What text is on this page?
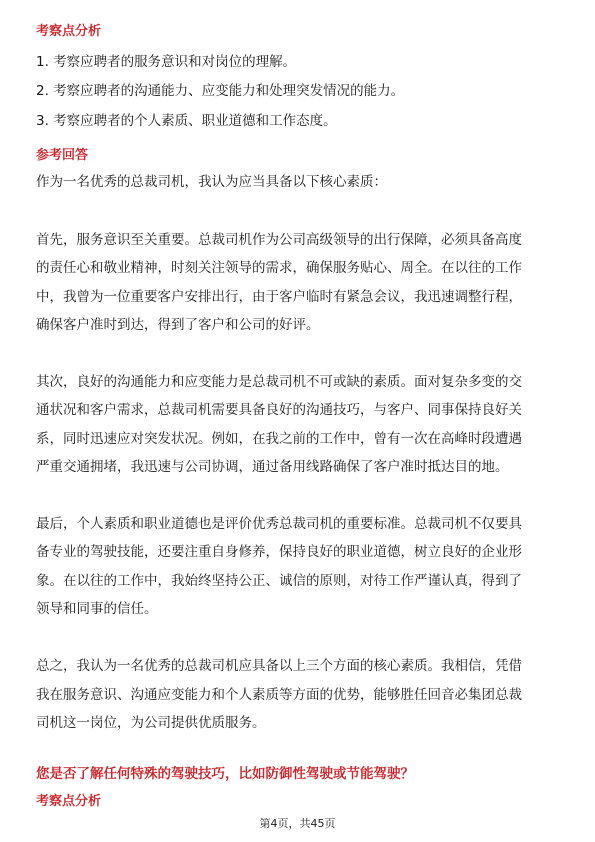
考察点分析
1. 考察应聘者的服务意识和对岗位的理解。
2. 考察应聘者的沟通能力、应变能力和处理突发情况的能力。
3. 考察应聘者的个人素质、职业道德和工作态度。
参考回答
作为一名优秀的总裁司机，我认为应当具备以下核心素质：
首先，服务意识至关重要。总裁司机作为公司高级领导的出行保障，必须具备高度
的责任心和敬业精神，时刻关注领导的需求，确保服务贴心、周全。在以往的工作
中，我曾为一位重要客户安排出行，由于客户临时有紧急会议，我迅速调整行程，
确保客户准时到达，得到了客户和公司的好评。
其次，良好的沟通能力和应变能力是总裁司机不可或缺的素质。面对复杂多变的交
通状况和客户需求，总裁司机需要具备良好的沟通技巧，与客户、同事保持良好关
系，同时迅速应对突发状况。例如，在我之前的工作中，曾有一次在高峰时段遭遇
严重交通拥堵，我迅速与公司协调，通过备用线路确保了客户准时抵达目的地。
最后，个人素质和职业道德也是评价优秀总裁司机的重要标准。总裁司机不仅要具
备专业的驾驶技能，还要注重自身修养，保持良好的职业道德，树立良好的企业形
象。在以往的工作中，我始终坚持公正、诚信的原则，对待工作严谨认真，得到了
领导和同事的信任。
总之，我认为一名优秀的总裁司机应具备以上三个方面的核心素质。我相信，凭借
我在服务意识、沟通应变能力和个人素质等方面的优势，能够胜任回音必集团总裁
司机这一岗位，为公司提供优质服务。
您是否了解任何特殊的驾驶技巧，比如防御性驾驶或节能驾驶？
考察点分析
第4页，共45页
